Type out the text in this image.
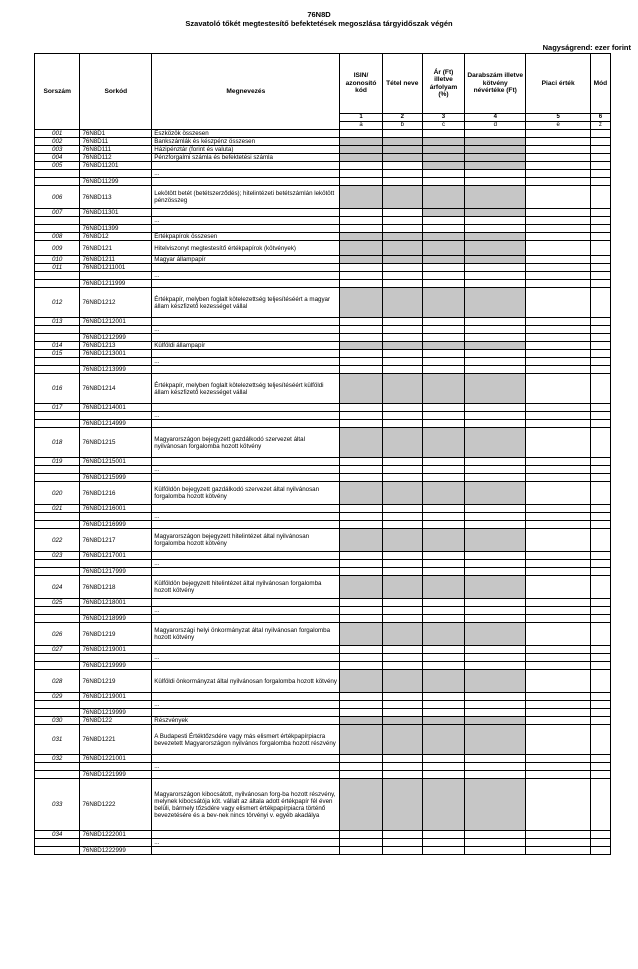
76N8D
Szavatoló tőkét megtestesítő befektetések megoszlása tárgyidőszak végén
Nagyságrend: ezer forint
Sorszám	Sorkód	Megnevezés	ISIN/ azonosító kód	Tétel neve	Ár (Ft) illetve árfolyam (%)	Darabszám illetve kötvény névértéke (Ft)	Piaci érték	Mód
			1	2	3	4	5	6
			a	b	c	d	e	z
001	76N8D1	Eszközök összesen						
002	76N8D11	Bankszámlák és készpénz összesen						
003	76N8D111	Házipénztár (forint és valuta)						
004	76N8D112	Pénzforgalmi számla és befektetési számla						
005	76N8D11201							
		...						
	76N8D11299							
006	76N8D113	Lekötött betét (betétszerződés); hitelintézeti betétszámlán lekötött pénzösszeg						
007	76N8D11301							
		...						
	76N8D11399							
008	76N8D12	Értékpapírok összesen						
009	76N8D121	Hitelviszonyt megtestesítő értékpapírok (kötvények)						
010	76N8D1211	Magyar állampapír						
011	76N8D1211001							
		...						
	76N8D1211999							
012	76N8D1212	Értékpapír, melyben foglalt kötelezettség teljesítéséért a magyar állam készfizető kezességet vállal						
013	76N8D1212001							
		...						
	76N8D1212999							
014	76N8D1213	Külföldi állampapír						
015	76N8D1213001							
		...						
	76N8D1213999							
016	76N8D1214	Értékpapír, melyben foglalt kötelezettség teljesítéséért külföldi állam készfizető kezességet vállal						
017	76N8D1214001							
		...						
	76N8D1214999							
018	76N8D1215	Magyarországon bejegyzett gazdálkodó szervezet által nyilvánosan forgalomba hozott kötvény						
019	76N8D1215001							
		...						
	76N8D1215999							
020	76N8D1216	Külföldön bejegyzett gazdálkodó szervezet által nyilvánosan forgalomba hozott kötvény						
021	76N8D1216001							
		...						
	76N8D1216999							
022	76N8D1217	Magyarországon bejegyzett hitelintézet által nyilvánosan forgalomba hozott kötvény						
023	76N8D1217001							
		...						
	76N8D1217999							
024	76N8D1218	Külföldön bejegyzett hitelintézet által nyilvánosan forgalomba hozott kötvény						
025	76N8D1218001							
		...						
	76N8D1218999							
026	76N8D1219	Magyarországi helyi önkormányzat által nyilvánosan forgalomba hozott kötvény						
027	76N8D1219001							
		...						
	76N8D1219999							
028	76N8D1219	Külföldi önkormányzat által nyilvánosan forgalomba hozott kötvény						
029	76N8D1219001							
		...						
	76N8D1219999							
030	76N8D122	Részvények						
031	76N8D1221	A Budapesti Értéktőzsdére vagy más elismert értékpapírpiacra bevezetett Magyarországon nyilvános forgalomba hozott részvény						
032	76N8D1221001							
		...						
	76N8D1221999							
033	76N8D1222	Magyarországon kibocsátott, nyilvánosan forg-ba hozott részvény, melynek kibocsátója köt. vállalt az általa adott értékpapír fél éven belüli, bármely tőzsdére vagy elismert értékpapírpiacra történő bevezetésére és a bev-nek nincs törvényi v. egyéb akadálya						
034	76N8D1222001							
		...						
	76N8D1222999							
